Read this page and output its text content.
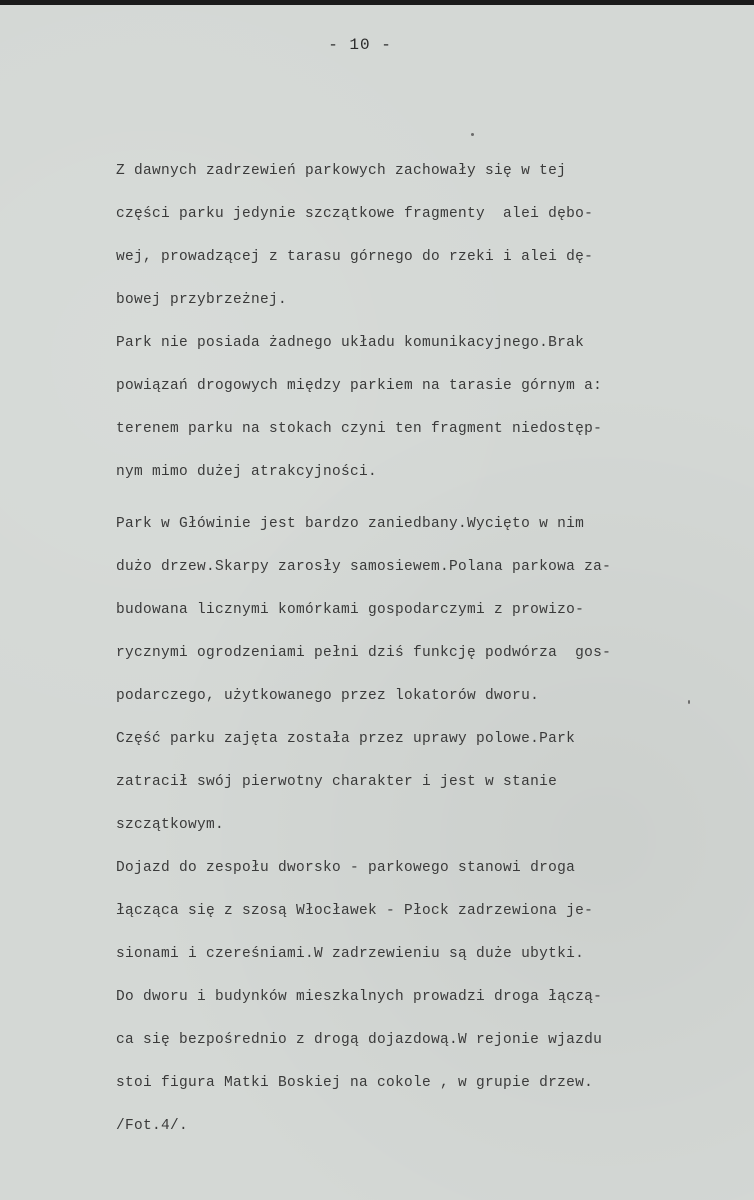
- 10 -
Z dawnych zadrzewień parkowych zachowały się w tej
części parku jedynie szczątkowe fragmenty  alei dębo-
wej, prowadzącej z tarasu górnego do rzeki i alei dę-
bowej przybrzeżnej.
Park nie posiada żadnego układu komunikacyjnego.Brak
powiązań drogowych między parkiem na tarasie górnym a:
terenem parku na stokach czyni ten fragment niedostęp-
nym mimo dużej atrakcyjności.
Park w Główinie jest bardzo zaniedbany.Wycięto w nim
dużo drzew.Skarpy zarosły samosiewem.Polana parkowa za-
budowana licznymi komórkami gospodarczymi z prowizo-
rycznymi ogrodzeniami pełni dziś funkcję podwórza  gos-
podarczego, użytkowanego przez lokatorów dworu.
Część parku zajęta została przez uprawy polowe.Park
zatracił swój pierwotny charakter i jest w stanie
szczątkowym.
Dojazd do zespołu dworsko - parkowego stanowi droga
łącząca się z szosą Włocławek - Płock zadrzewiona je-
sionami i czereśniami.W zadrzewieniu są duże ubytki.
Do dworu i budynków mieszkalnych prowadzi droga łączą-
ca się bezpośrednio z drogą dojazdową.W rejonie wjazdu
stoi figura Matki Boskiej na cokole , w grupie drzew.
/Fot.4/.
